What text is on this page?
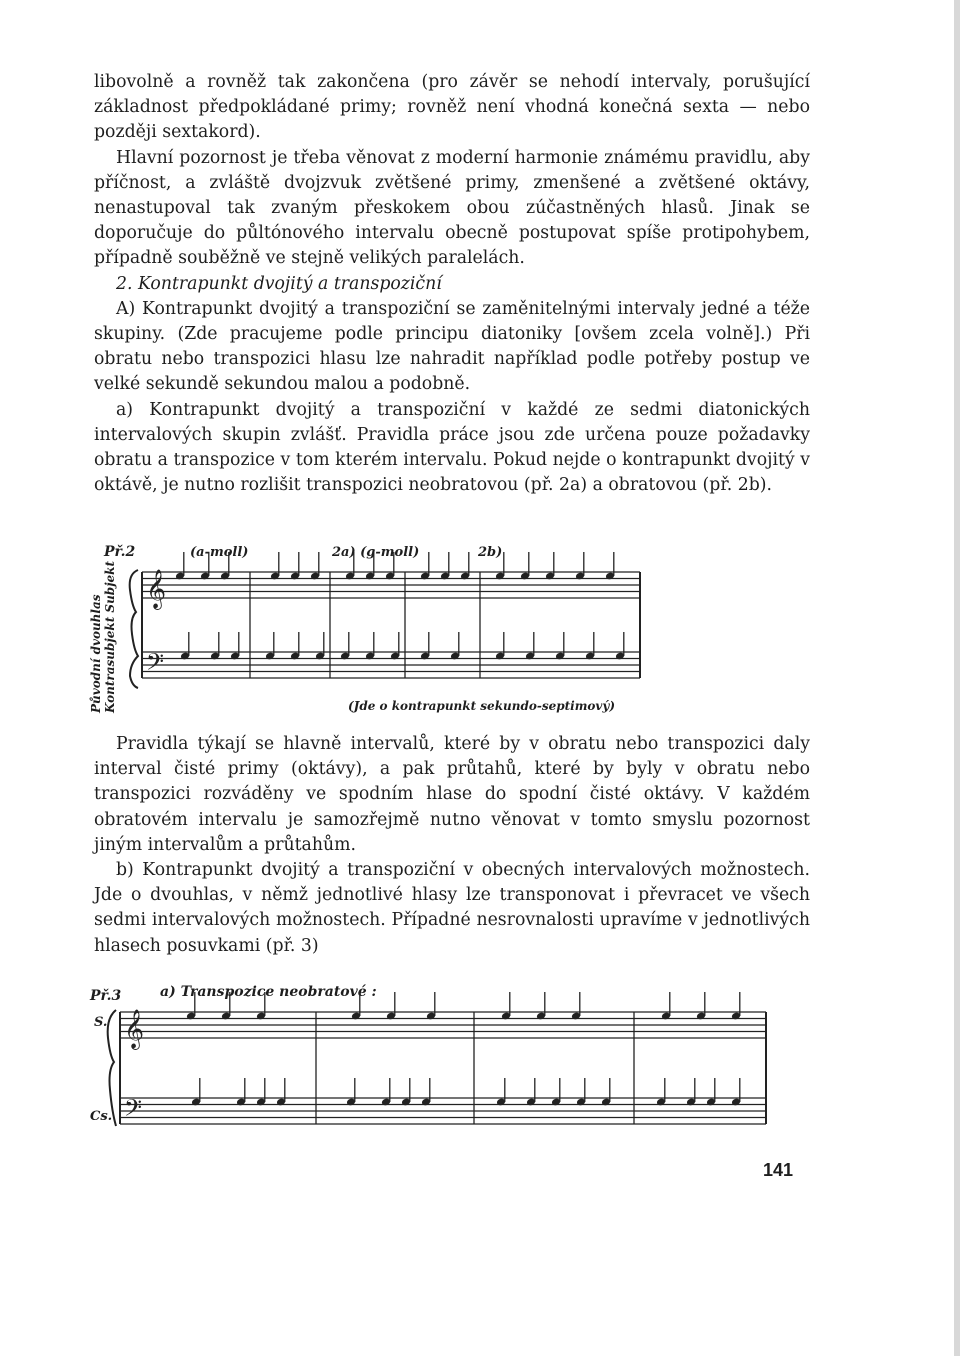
libovolně a rovněž tak zakončena (pro závěr se nehodí intervaly, porušující základnost předpokládané primy; rovněž není vhodná konečná sexta — nebo později sextakord).

Hlavní pozornost je třeba věnovat z moderní harmonie známému pravidlu, aby příčnost, a zvláště dvojzvuk zvětšené primy, zmenšené a zvětšené oktávy, nenastupoval tak zvaným přeskokem obou zúčastněných hlasů. Jinak se doporučuje do půltónového intervalu obecně postupovat spíše protipohybem, případně souběžně ve stejně velikých paralelách.

2. Kontrapunkt dvojitý a transpoziční

A) Kontrapunkt dvojitý a transpoziční se zaměnitelnými intervaly jedné a téže skupiny. (Zde pracujeme podle principu diatoniky [ovšem zcela volně].) Při obratu nebo transpozici hlasu lze nahradit například podle potřeby postup ve velké sekundě sekundou malou a podobně.

a) Kontrapunkt dvojitý a transpoziční v každé ze sedmi diatonických intervalových skupin zvlášť. Pravidla práce jsou zde určena pouze požadavky obratu a transpozice v tom kterém intervalu. Pokud nejde o kontrapunkt dvojitý v oktávě, je nutno rozlišit transpozici neobratovou (př. 2a) a obratovou (př. 2b).

Př.2	(a-moll)	2a) (g-moll)	2b)
Původní dvouhlas Kontrasubjekt Subjekt 𝄞
𝄢
(Jde o kontrapunkt sekundo-septimový)

Pravidla týkají se hlavně intervalů, které by v obratu nebo transpozici daly interval čisté primy (oktávy), a pak průtahů, které by byly v obratu nebo transpozici rozváděny ve spodním hlase do spodní čisté oktávy. V každém obratovém intervalu je samozřejmě nutno věnovat v tomto smyslu pozornost jiným intervalům a průtahům.

b) Kontrapunkt dvojitý a transpoziční v obecných intervalových možnostech. Jde o dvouhlas, v němž jednotlivé hlasy lze transponovat i převracet ve všech sedmi intervalových možnostech. Případné nesrovnalosti upravíme v jednotlivých hlasech posuvkami (př. 3)

Př.3	a) Transpozice neobratové :
S.
Cs.
𝄞
𝄢
141
